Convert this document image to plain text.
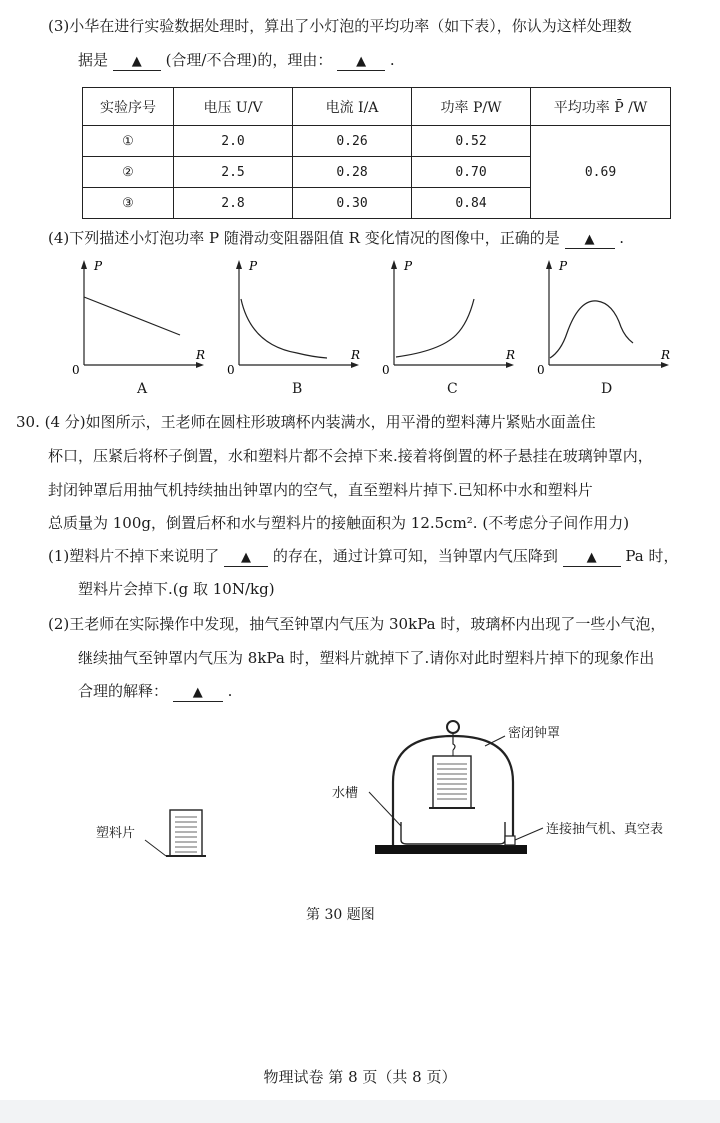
(3)小华在进行实验数据处理时，算出了小灯泡的平均功率（如下表），你认为这样处理数
据是 ▲ (合理/不合理)的，理由： ▲ .
实验序号	电压 U/V	电流 I/A	功率 P/W	平均功率 P̄ /W
①	2.0	0.26	0.52	0.69
②	2.5	0.28	0.70	
③	2.8	0.30	0.84	
(4)下列描述小灯泡功率 P 随滑动变阻器阻值 R 变化情况的图像中，正确的是 ▲ .
P
R
0
P
R
0
P
R
0
P
R
0
A	B	C	D
30. (4 分)如图所示，王老师在圆柱形玻璃杯内装满水，用平滑的塑料薄片紧贴水面盖住
杯口，压紧后将杯子倒置，水和塑料片都不会掉下来.接着将倒置的杯子悬挂在玻璃钟罩内，
封闭钟罩后用抽气机持续抽出钟罩内的空气，直至塑料片掉下.已知杯中水和塑料片
总质量为 100g，倒置后杯和水与塑料片的接触面积为 12.5cm². (不考虑分子间作用力)
(1)塑料片不掉下来说明了 ▲ 的存在，通过计算可知，当钟罩内气压降到 ▲ Pa 时，
塑料片会掉下.(g 取 10N/kg)
(2)王老师在实际操作中发现，抽气至钟罩内气压为 30kPa 时，玻璃杯内出现了一些小气泡，
继续抽气至钟罩内气压为 8kPa 时，塑料片就掉下了.请你对此时塑料片掉下的现象作出
合理的解释： ▲ .
塑料片
水槽
密闭钟罩
连接抽气机、真空表
第 30 题图
物理试卷 第 8 页（共 8 页）
